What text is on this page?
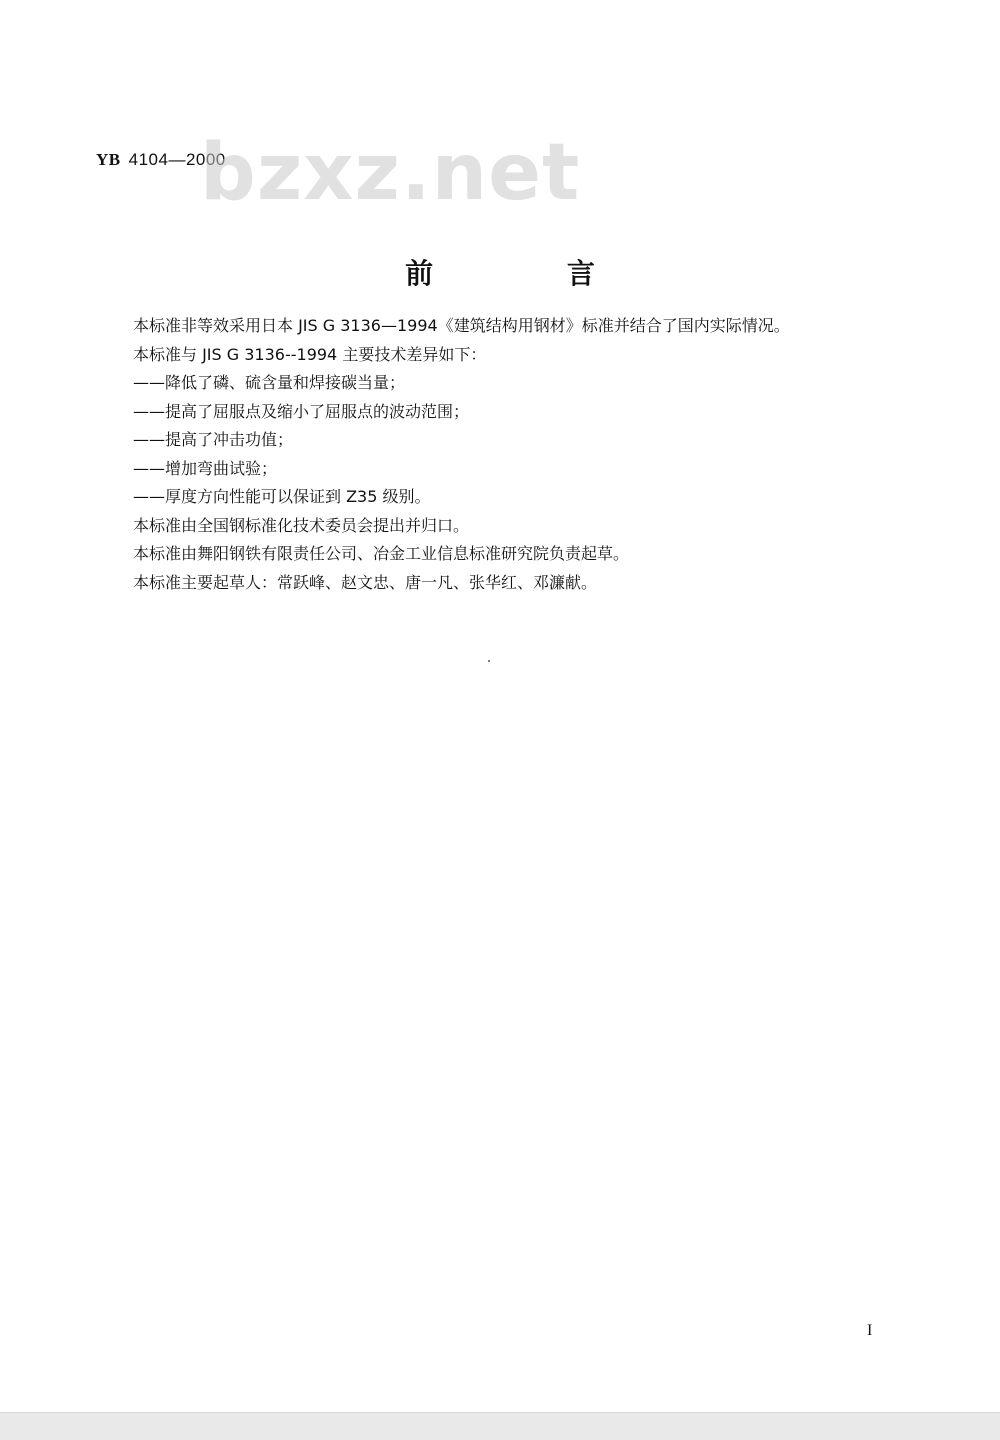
YB 4104—2000
bzxz.net
前 言

本标准非等效采用日本 JIS G 3136—1994《建筑结构用钢材》标准并结合了国内实际情况。

本标准与 JIS G 3136--1994 主要技术差异如下：

——降低了磷、硫含量和焊接碳当量；

——提高了屈服点及缩小了屈服点的波动范围；

——提高了冲击功值；

——增加弯曲试验；

——厚度方向性能可以保证到 Z35 级别。

本标准由全国钢标准化技术委员会提出并归口。

本标准由舞阳钢铁有限责任公司、冶金工业信息标准研究院负责起草。

本标准主要起草人：常跃峰、赵文忠、唐一凡、张华红、邓濂献。

I
